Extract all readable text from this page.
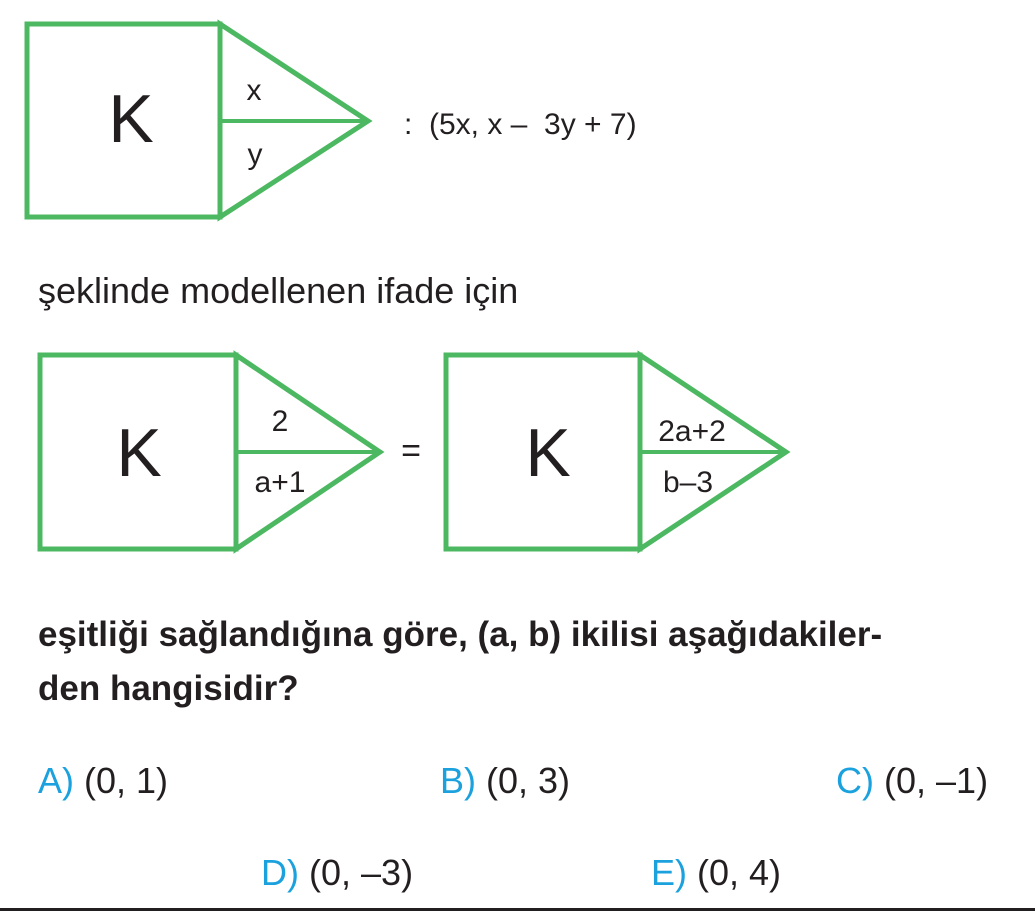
K	x
y
:  (5x, x –  3y + 7)
K	2
a+1
= K	2a+2
b–3

şeklinde modellenen ifade için

eşitliği sağlandığına göre, (a, b) ikilisi aşağıdakiler-
den hangisidir?

A) (0, 1)	B) (0, 3)	C) (0, –1)
D) (0, –3)	E) (0, 4)
